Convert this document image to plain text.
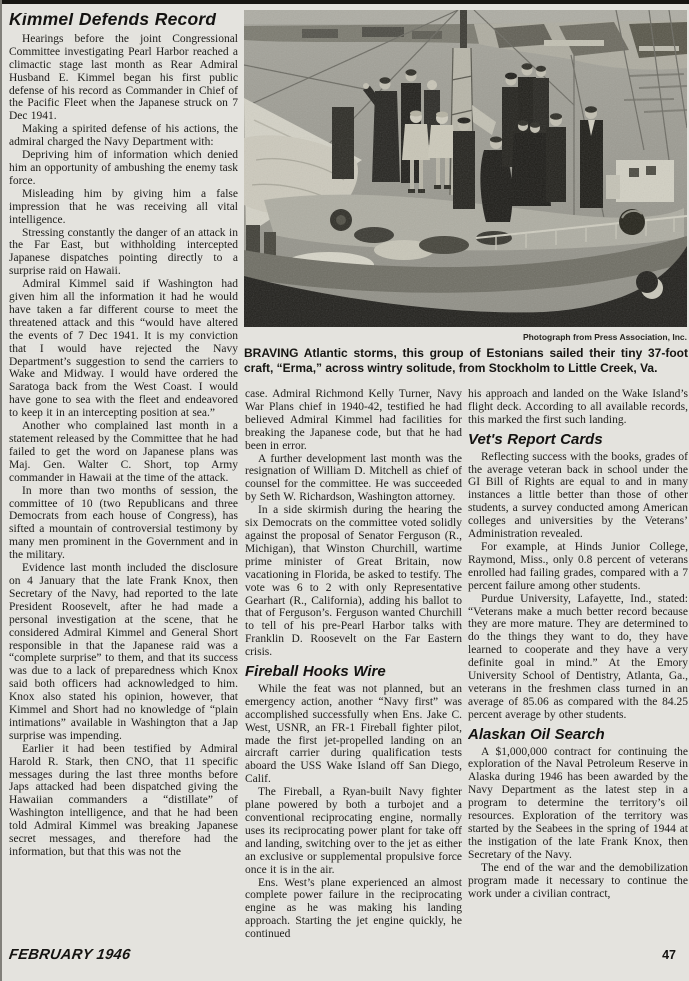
Kimmel Defends Record

Hearings before the joint Congressional Committee investigating Pearl Harbor reached a climactic stage last month as Rear Admiral Husband E. Kimmel began his first public defense of his record as Commander in Chief of the Pacific Fleet when the Japanese struck on 7 Dec 1941.

Making a spirited defense of his actions, the admiral charged the Navy Department with:

Depriving him of information which denied him an opportunity of ambushing the enemy task force.

Misleading him by giving him a false impression that he was receiving all vital intelligence.

Stressing constantly the danger of an attack in the Far East, but withholding intercepted Japanese dispatches pointing directly to a surprise raid on Hawaii.

Admiral Kimmel said if Washington had given him all the information it had he would have taken a far different course to meet the threatened attack and this “would have altered the events of 7 Dec 1941. It is my conviction that I would have rejected the Navy Department’s suggestion to send the carriers to Wake and Midway. I would have ordered the Saratoga back from the West Coast. I would have gone to sea with the fleet and endeavored to keep it in an intercepting position at sea.”

Another who complained last month in a statement released by the Committee that he had failed to get the word on Japanese plans was Maj. Gen. Walter C. Short, top Army commander in Hawaii at the time of the attack.

In more than two months of session, the committee of 10 (two Republicans and three Democrats from each house of Congress), has sifted a mountain of controversial testimony by many men prominent in the Government and in the military.

Evidence last month included the disclosure on 4 January that the late Frank Knox, then Secretary of the Navy, had reported to the late President Roosevelt, after he had made a personal investigation at the scene, that he considered Admiral Kimmel and General Short responsible in that the Japanese raid was a “complete surprise” to them, and that its success was due to a lack of preparedness which Knox said both officers had acknowledged to him. Knox also stated his opinion, however, that Kimmel and Short had no knowledge of “plain intimations” available in Washington that a Jap surprise was impending.

Earlier it had been testified by Admiral Harold R. Stark, then CNO, that 11 specific messages during the last three months before Japs attacked had been dispatched giving the Hawaiian commanders a “distillate” of Washington intelligence, and that he had been told Admiral Kimmel was breaking Japanese secret messages, and therefore had the information, but that this was not the

Photograph from Press Association, Inc.

BRAVING Atlantic storms, this group of Estonians sailed their tiny 37-foot craft, “Erma,” across wintry solitude, from Stockholm to Little Creek, Va.

case. Admiral Richmond Kelly Turner, Navy War Plans chief in 1940-42, testified he had believed Admiral Kimmel had facilities for breaking the Japanese code, but that he had been in error.

A further development last month was the resignation of William D. Mitchell as chief of counsel for the committee. He was succeeded by Seth W. Richardson, Washington attorney.

In a side skirmish during the hearing the six Democrats on the committee voted solidly against the proposal of Senator Ferguson (R., Michigan), that Winston Churchill, wartime prime minister of Great Britain, now vacationing in Florida, be asked to testify. The vote was 6 to 2 with only Representative Gearhart (R., California), adding his ballot to that of Ferguson’s. Ferguson wanted Churchill to tell of his pre-Pearl Harbor talks with Franklin D. Roosevelt on the Far Eastern crisis.

Fireball Hooks Wire

While the feat was not planned, but an emergency action, another “Navy first” was accomplished successfully when Ens. Jake C. West, USNR, an FR-1 Fireball fighter pilot, made the first jet-propelled landing on an aircraft carrier during qualification tests aboard the USS Wake Island off San Diego, Calif.

The Fireball, a Ryan-built Navy fighter plane powered by both a turbojet and a conventional reciprocating engine, normally uses its reciprocating power plant for take off and landing, switching over to the jet as either an exclusive or supplemental propulsive force once it is in the air.

Ens. West’s plane experienced an almost complete power failure in the reciprocating engine as he was making his landing approach. Starting the jet engine quickly, he continued

his approach and landed on the Wake Island’s flight deck. According to all available records, this marked the first such landing.

Vet's Report Cards

Reflecting success with the books, grades of the average veteran back in school under the GI Bill of Rights are equal to and in many instances a little better than those of other students, a survey conducted among American colleges and universities by the Veterans’ Administration revealed.

For example, at Hinds Junior College, Raymond, Miss., only 0.8 percent of veterans enrolled had failing grades, compared with a 7 percent failure among other students.

Purdue University, Lafayette, Ind., stated: “Veterans make a much better record because they are more mature. They are determined to do the things they want to do, they have learned to cooperate and they have a very definite goal in mind.” At the Emory University School of Dentistry, Atlanta, Ga., veterans in the freshmen class turned in an average of 85.06 as compared with the 84.25 percent average by other students.

Alaskan Oil Search

A $1,000,000 contract for continuing the exploration of the Naval Petroleum Reserve in Alaska during 1946 has been awarded by the Navy Department as the latest step in a program to determine the territory’s oil resources. Exploration of the territory was started by the Seabees in the spring of 1944 at the instigation of the late Frank Knox, then Secretary of the Navy.

The end of the war and the demobilization program made it necessary to continue the work under a civilian contract,

FEBRUARY 1946	47
